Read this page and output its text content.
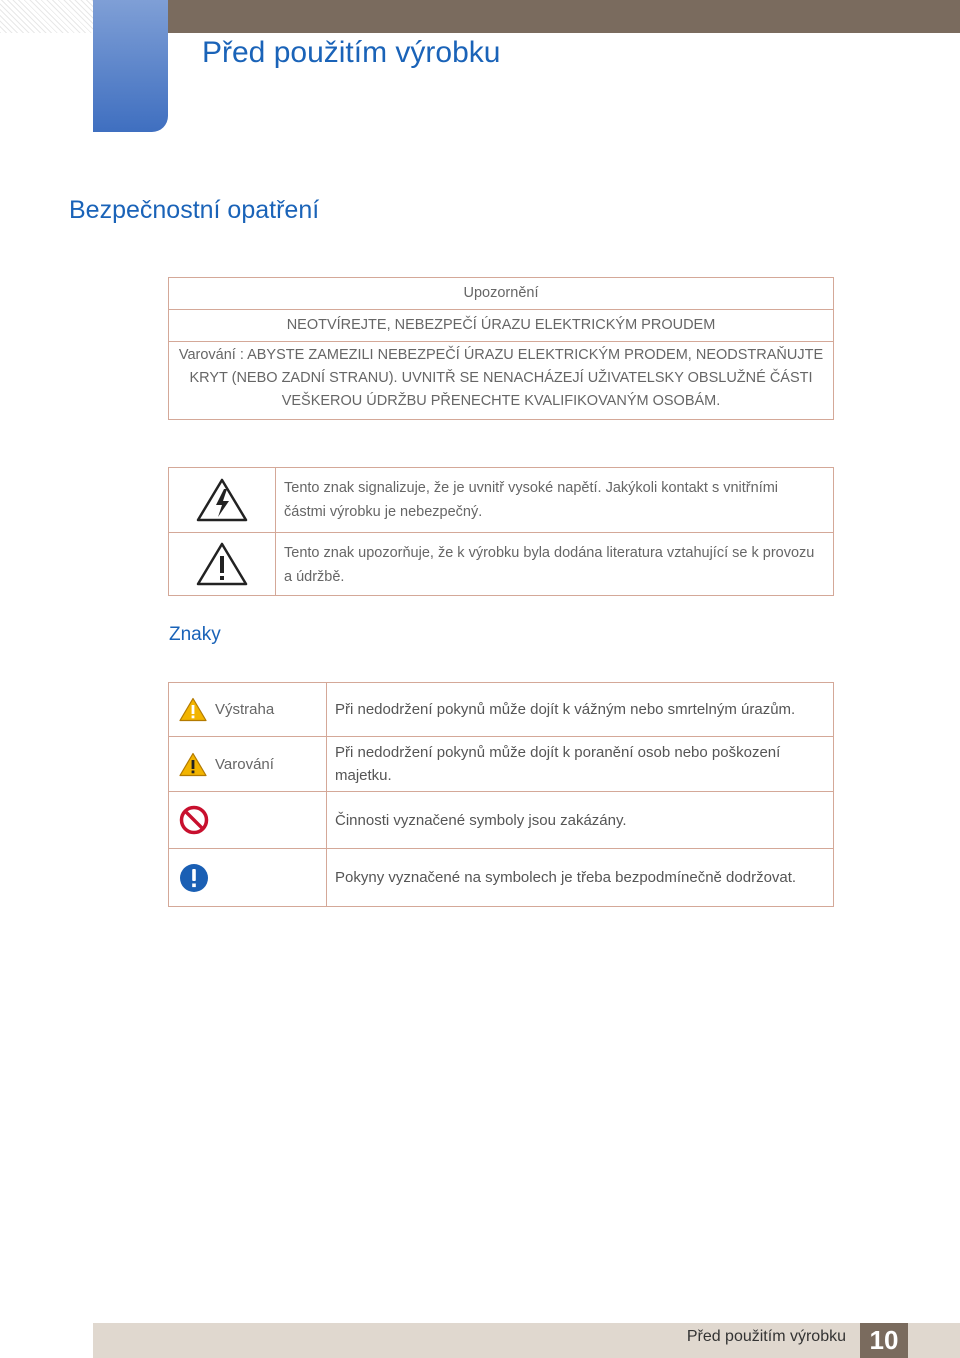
Před použitím výrobku
Bezpečnostní opatření
Upozornění
NEOTVÍREJTE, NEBEZPEČÍ ÚRAZU ELEKTRICKÝM PROUDEM
Varování : ABYSTE ZAMEZILI NEBEZPEČÍ ÚRAZU ELEKTRICKÝM PRODEM, NEODSTRAŇUJTE KRYT (NEBO ZADNÍ STRANU). UVNITŘ SE NENACHÁZEJÍ UŽIVATELSKY OBSLUŽNÉ ČÁSTI VEŠKEROU ÚDRŽBU PŘENECHTE KVALIFIKOVANÝM OSOBÁM.
Tento znak signalizuje, že je uvnitř vysoké napětí. Jakýkoli kontakt s vnitřními částmi výrobku je nebezpečný.
Tento znak upozorňuje, že k výrobku byla dodána literatura vztahující se k provozu a údržbě.
Znaky
Výstraha	Při nedodržení pokynů může dojít k vážným nebo smrtelným úrazům.
Varování
Při nedodržení pokynů může dojít k poranění osob nebo poškození majetku.
Činnosti vyznačené symboly jsou zakázány.
Pokyny vyznačené na symbolech je třeba bezpodmínečně dodržovat.
Před použitím výrobku 10
